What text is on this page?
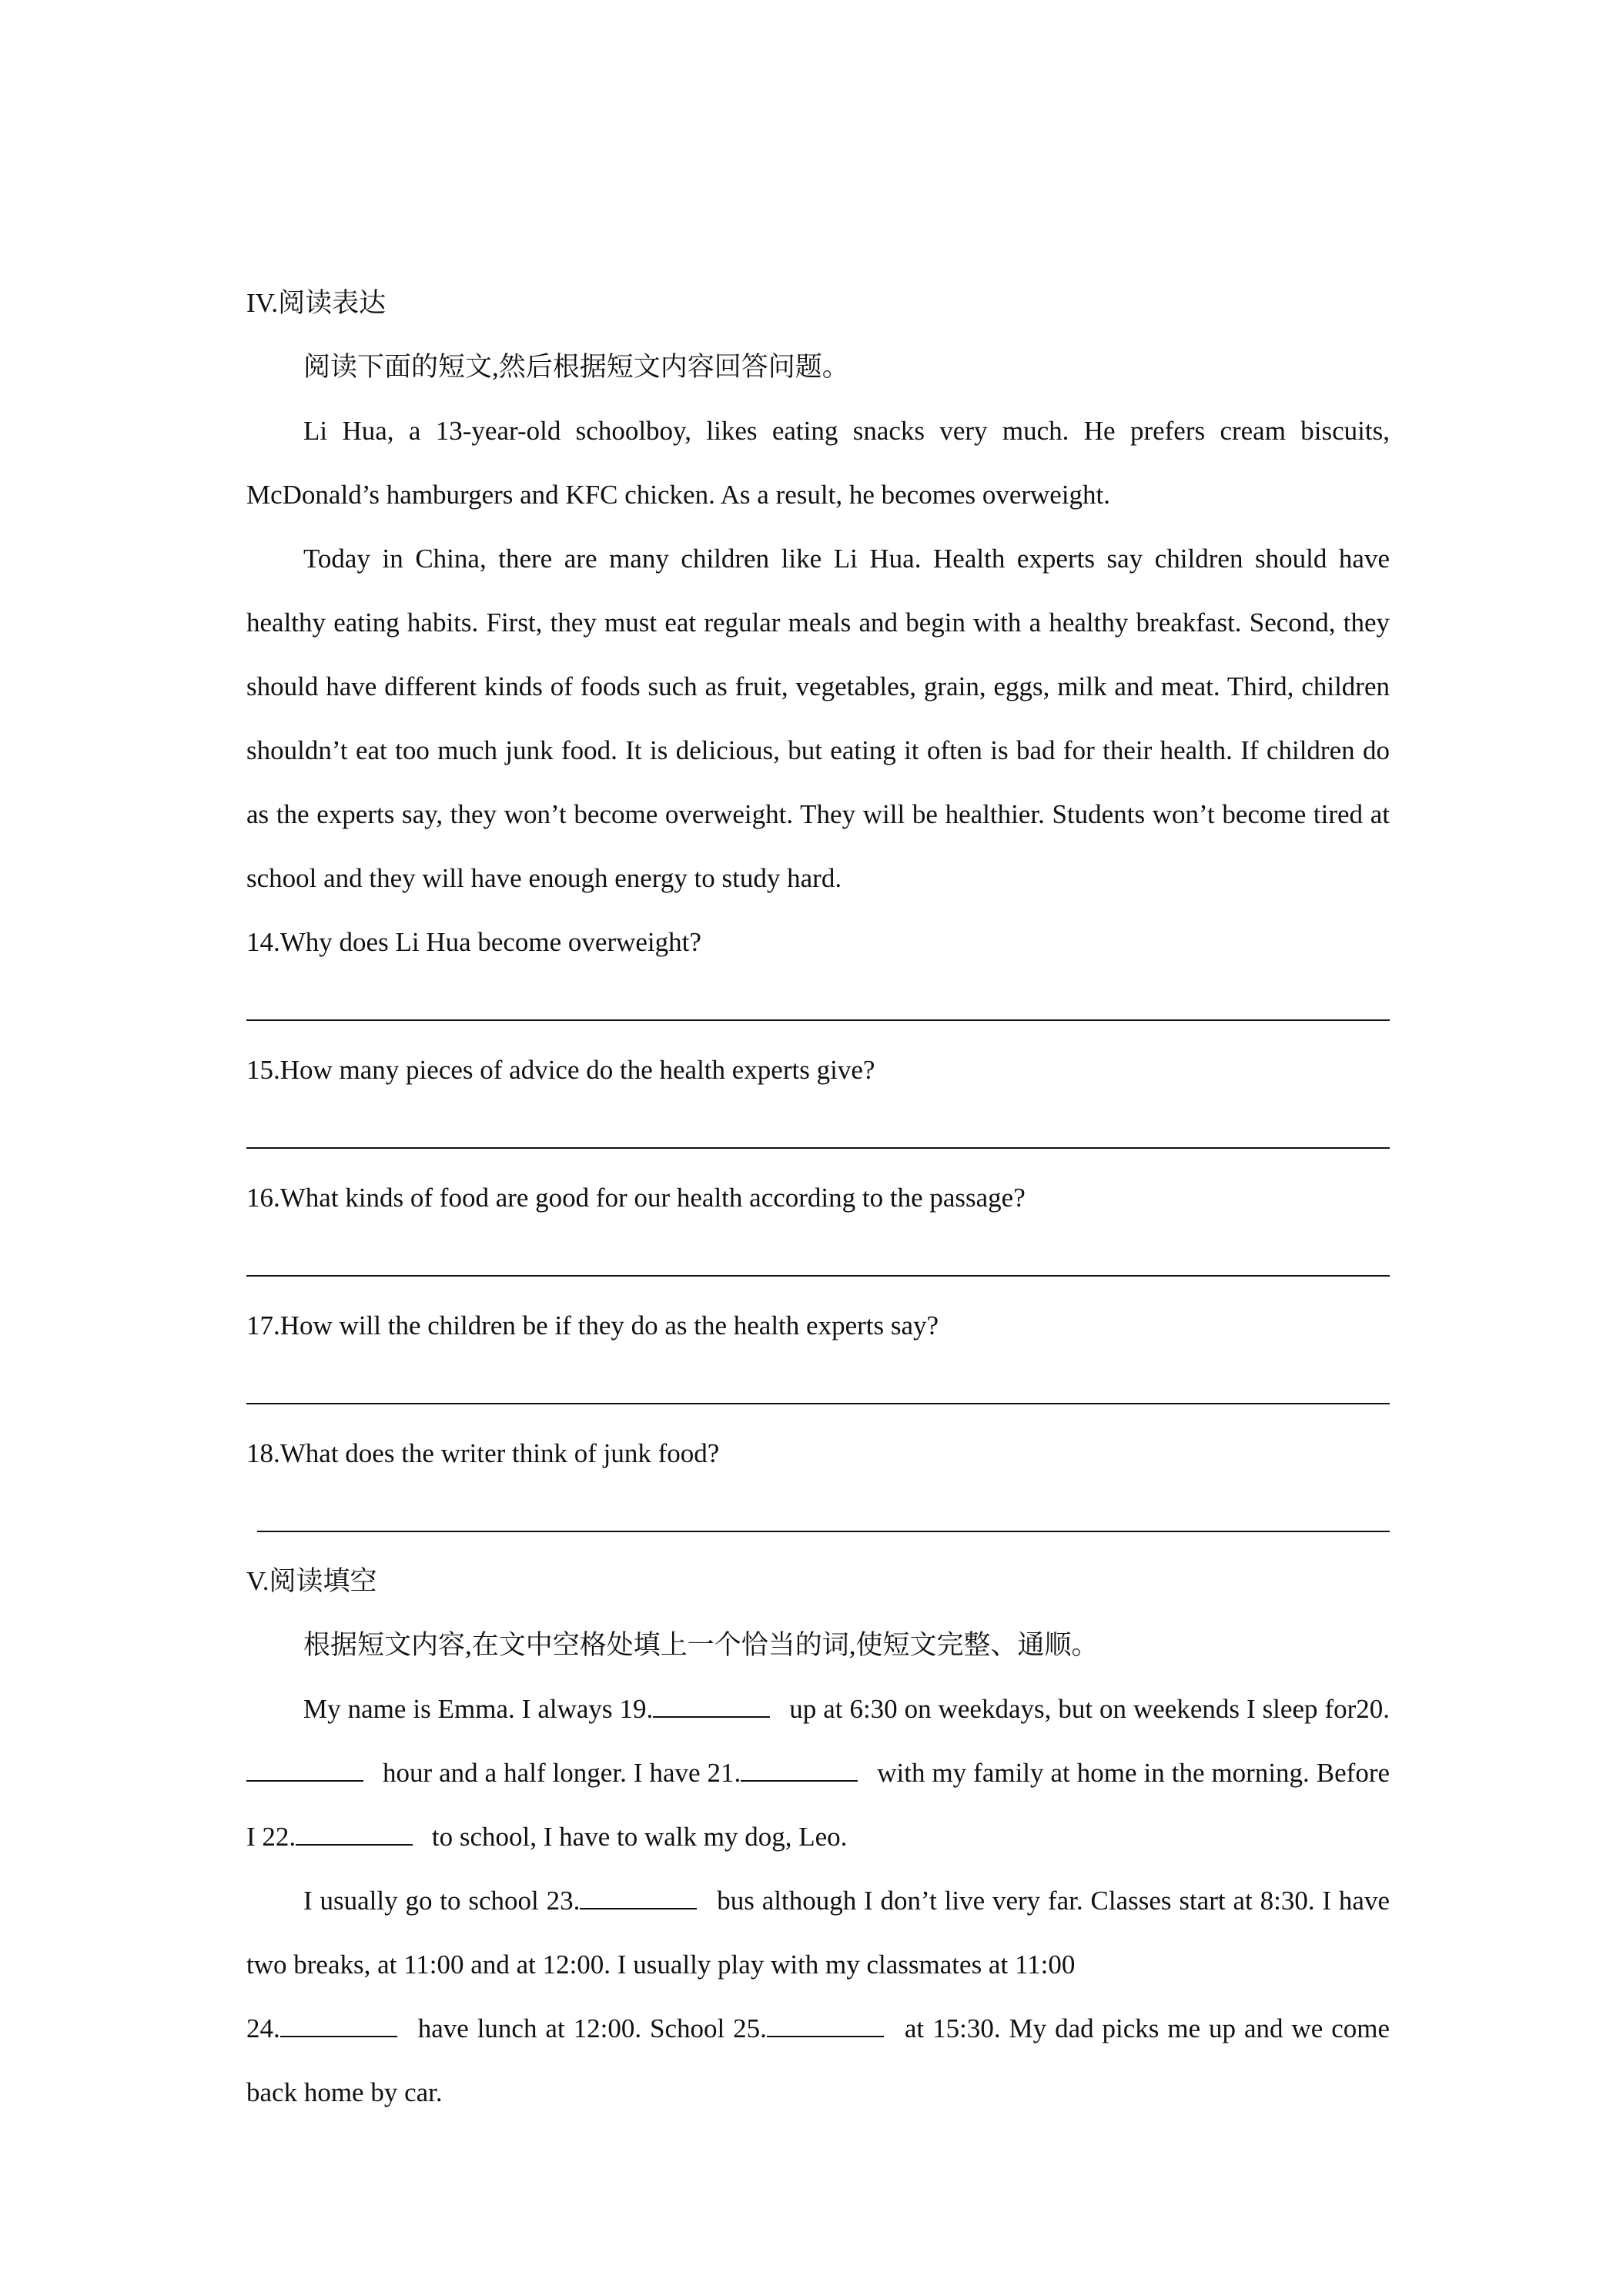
IV.阅读表达
阅读下面的短文,然后根据短文内容回答问题。
Li Hua, a 13-year-old schoolboy, likes eating snacks very much. He prefers cream biscuits, McDonald’s hamburgers and KFC chicken. As a result, he becomes overweight.
Today in China, there are many children like Li Hua. Health experts say children should have healthy eating habits. First, they must eat regular meals and begin with a healthy breakfast. Second, they should have different kinds of foods such as fruit, vegetables, grain, eggs, milk and meat. Third, children shouldn’t eat too much junk food. It is delicious, but eating it often is bad for their health. If children do as the experts say, they won’t become overweight. They will be healthier. Students won’t become tired at school and they will have enough energy to study hard.
14.Why does Li Hua become overweight?
15.How many pieces of advice do the health experts give?
16.What kinds of food are good for our health according to the passage?
17.How will the children be if they do as the health experts say?
18.What does the writer think of junk food?
V.阅读填空
根据短文内容,在文中空格处填上一个恰当的词,使短文完整、通顺。
My name is Emma. I always 19.	up at 6:30 on weekdays, but on weekends I sleep for20. hour and a half longer. I have 21.	with my family at home in the morning. Before I 22.	to school, I have to walk my dog, Leo.
I usually go to school 23.	bus although I don’t live very far. Classes start at 8:30. I have two breaks, at 11:00 and at 12:00. I usually play with my classmates at 11:00
24.	have lunch at 12:00. School 25.	at 15:30. My dad picks me up and we come back home by car.
